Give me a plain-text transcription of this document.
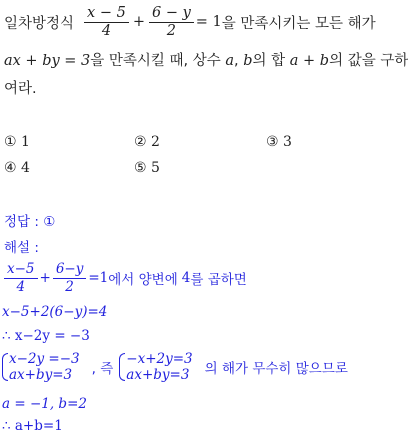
일차방정식 $\frac{x - 5}{4} + \frac{6 - y}{2} = 1$ 을 만족시키는 모든 해가
ax + by = 3을 만족시킬 때, 상수 a, b의 합 a + b의 값을 구하
여라.
① 1	② 2	③ 3
④ 4	⑤ 5
정답 : ①
해설 :
$\frac{x-5}{4} + \frac{6-y}{2} =1$ 에서 양변에 4 를 곱하면
x−5+2(6−y)=4
∴ x−2y = −3
x−2y =−3
ax+by=3	, 즉
−x+2y=3
ax+by=3 의 해가 무수히 많으므로
a = −1, b=2
∴ a+b=1
